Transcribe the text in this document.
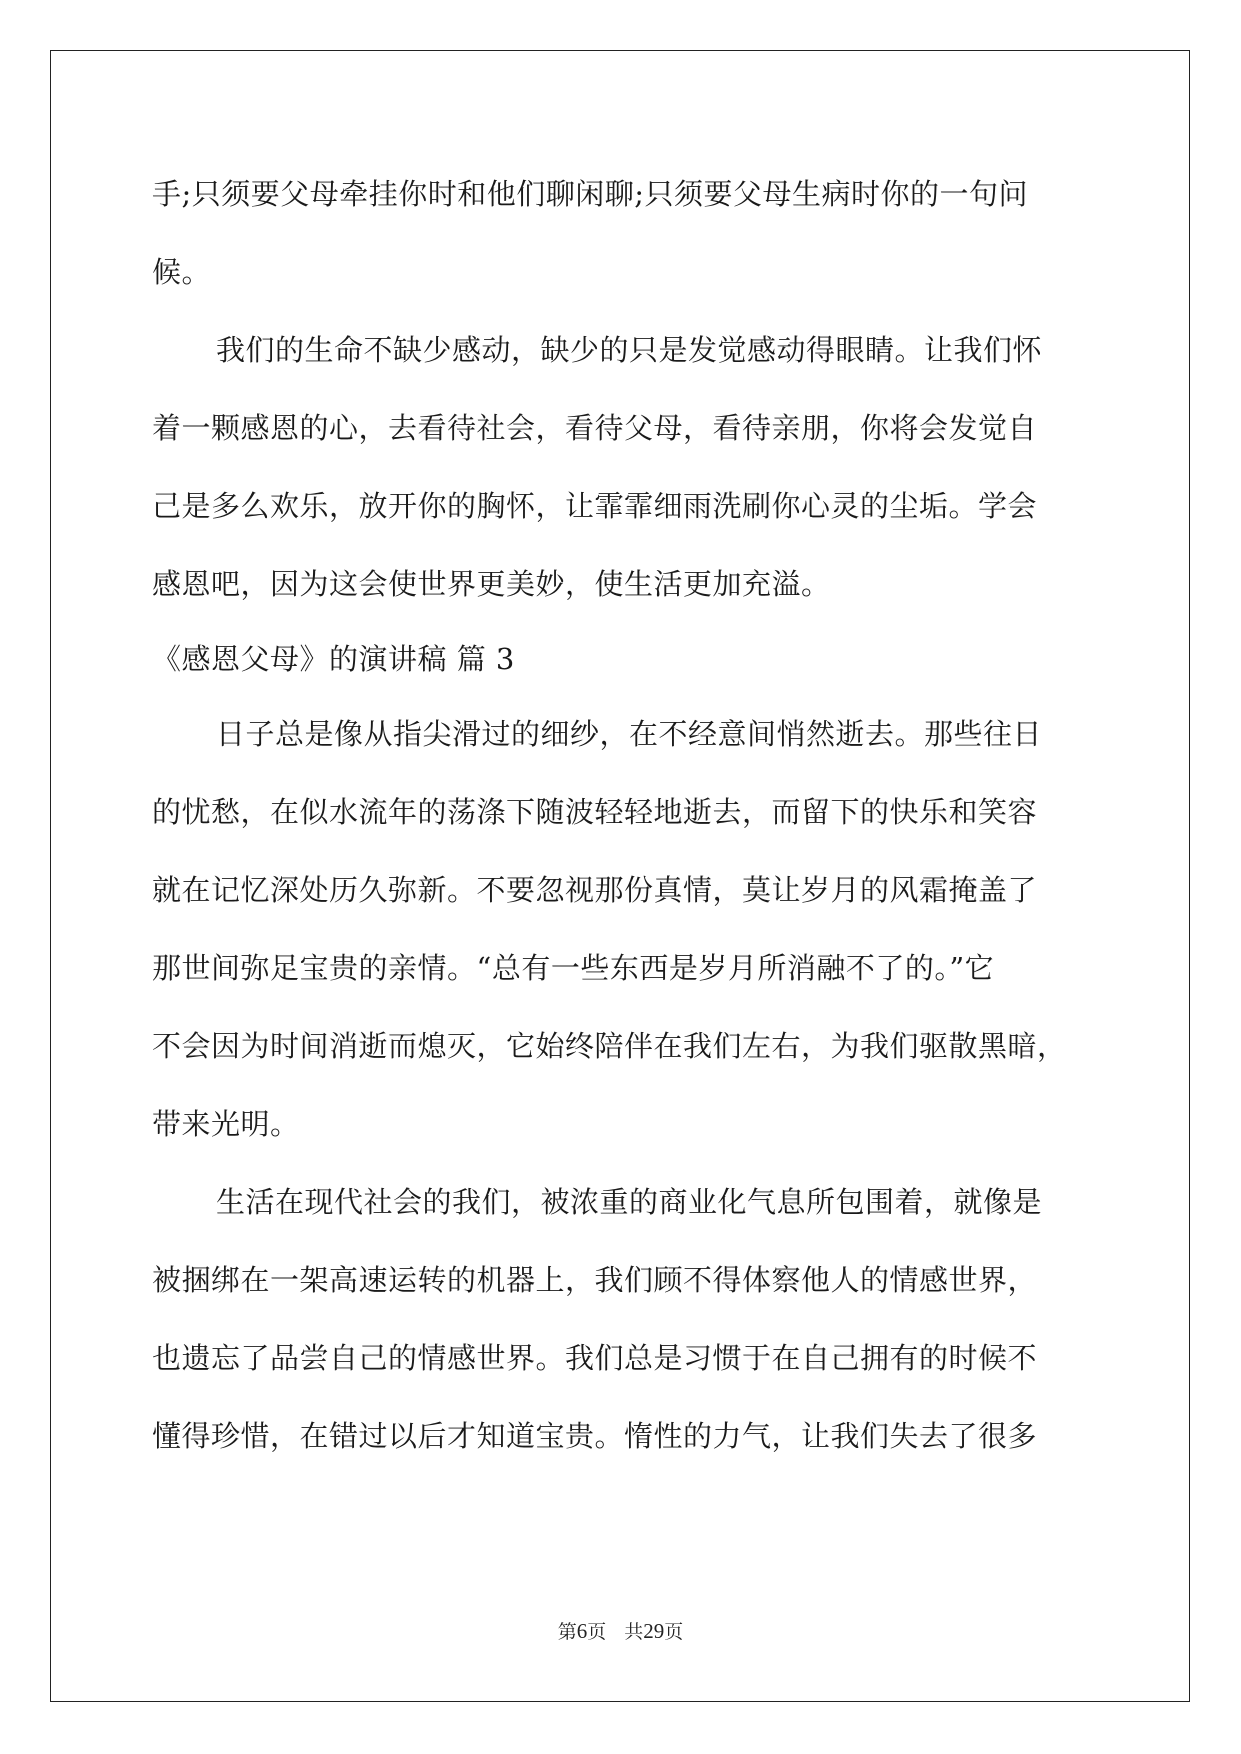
手;只须要父母牵挂你时和他们聊闲聊;只须要父母生病时你的一句问
候。
我们的生命不缺少感动，缺少的只是发觉感动得眼睛。让我们怀
着一颗感恩的心，去看待社会，看待父母，看待亲朋，你将会发觉自
己是多么欢乐，放开你的胸怀，让霏霏细雨洗刷你心灵的尘垢。学会
感恩吧，因为这会使世界更美妙，使生活更加充溢。
《感恩父母》的演讲稿 篇 3
日子总是像从指尖滑过的细纱，在不经意间悄然逝去。那些往日
的忧愁，在似水流年的荡涤下随波轻轻地逝去，而留下的快乐和笑容
就在记忆深处历久弥新。不要忽视那份真情，莫让岁月的风霜掩盖了
那世间弥足宝贵的亲情。“总有一些东西是岁月所消融不了的。”它
不会因为时间消逝而熄灭，它始终陪伴在我们左右，为我们驱散黑暗，
带来光明。
生活在现代社会的我们，被浓重的商业化气息所包围着，就像是
被捆绑在一架高速运转的机器上，我们顾不得体察他人的情感世界，
也遗忘了品尝自己的情感世界。我们总是习惯于在自己拥有的时候不
懂得珍惜，在错过以后才知道宝贵。惰性的力气，让我们失去了很多
第6页 共29页
